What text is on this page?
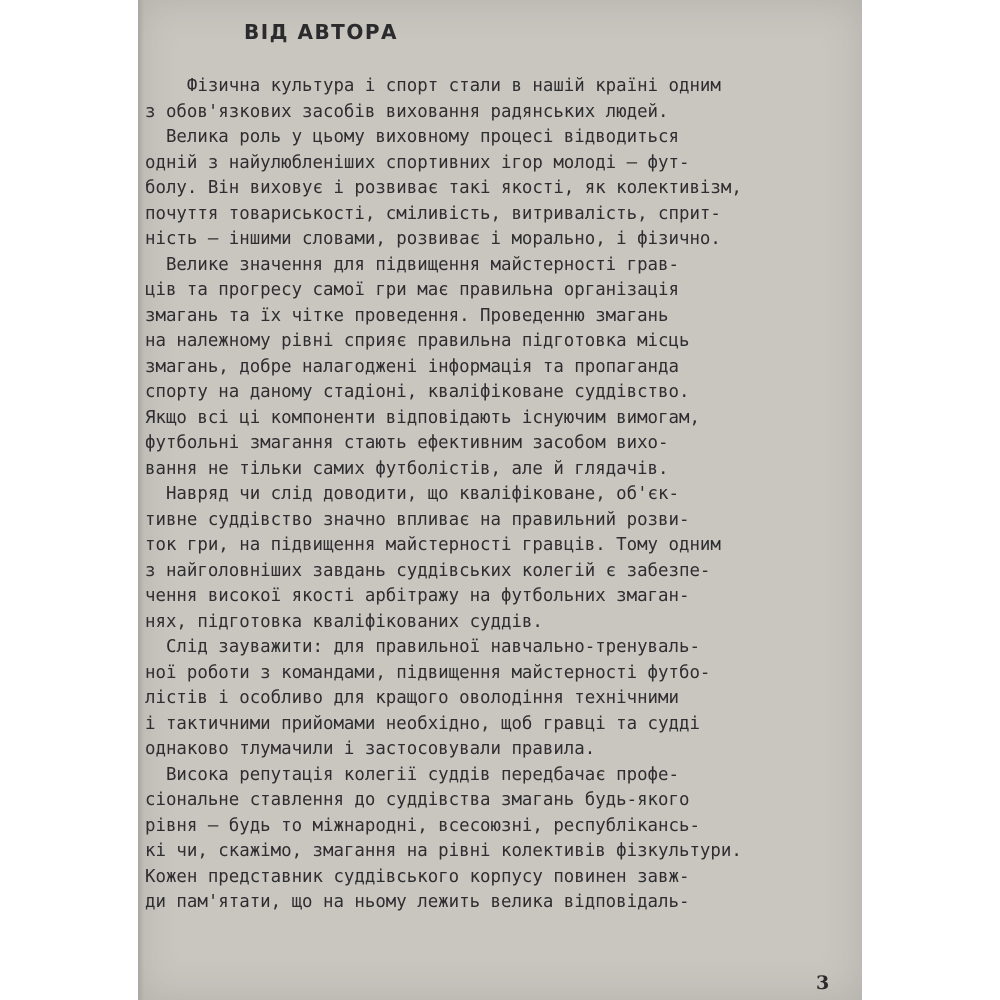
ВІД АВТОРА
Фізична культура і спорт стали в нашій країні одним
з обов'язкових засобів виховання радянських людей.
Велика роль у цьому виховному процесі відводиться
одній з найулюбленіших спортивних ігор молоді — фут-
болу. Він виховує і розвиває такі якості, як колективізм,
почуття товариськості, сміливість, витривалість, сприт-
ність — іншими словами, розвиває і морально, і фізично.
Велике значення для підвищення майстерності грав-
ців та прогресу самої гри має правильна організація
змагань та їх чітке проведення. Проведенню змагань
на належному рівні сприяє правильна підготовка місць
змагань, добре налагоджені інформація та пропаганда
спорту на даному стадіоні, кваліфіковане суддівство.
Якщо всі ці компоненти відповідають існуючим вимогам,
футбольні змагання стають ефективним засобом вихо-
вання не тільки самих футболістів, але й глядачів.
Навряд чи слід доводити, що кваліфіковане, об'єк-
тивне суддівство значно впливає на правильний розви-
ток гри, на підвищення майстерності гравців. Тому одним
з найголовніших завдань суддівських колегій є забезпе-
чення високої якості арбітражу на футбольних змаган-
нях, підготовка кваліфікованих суддів.
Слід зауважити: для правильної навчально-тренуваль-
ної роботи з командами, підвищення майстерності футбо-
лістів і особливо для кращого оволодіння технічними
і тактичними прийомами необхідно, щоб гравці та судді
однаково тлумачили і застосовували правила.
Висока репутація колегії суддів передбачає профе-
сіональне ставлення до суддівства змагань будь-якого
рівня — будь то міжнародні, всесоюзні, республікансь-
кі чи, скажімо, змагання на рівні колективів фізкультури.
Кожен представник суддівського корпусу повинен завж-
ди пам'ятати, що на ньому лежить велика відповідаль-
3
